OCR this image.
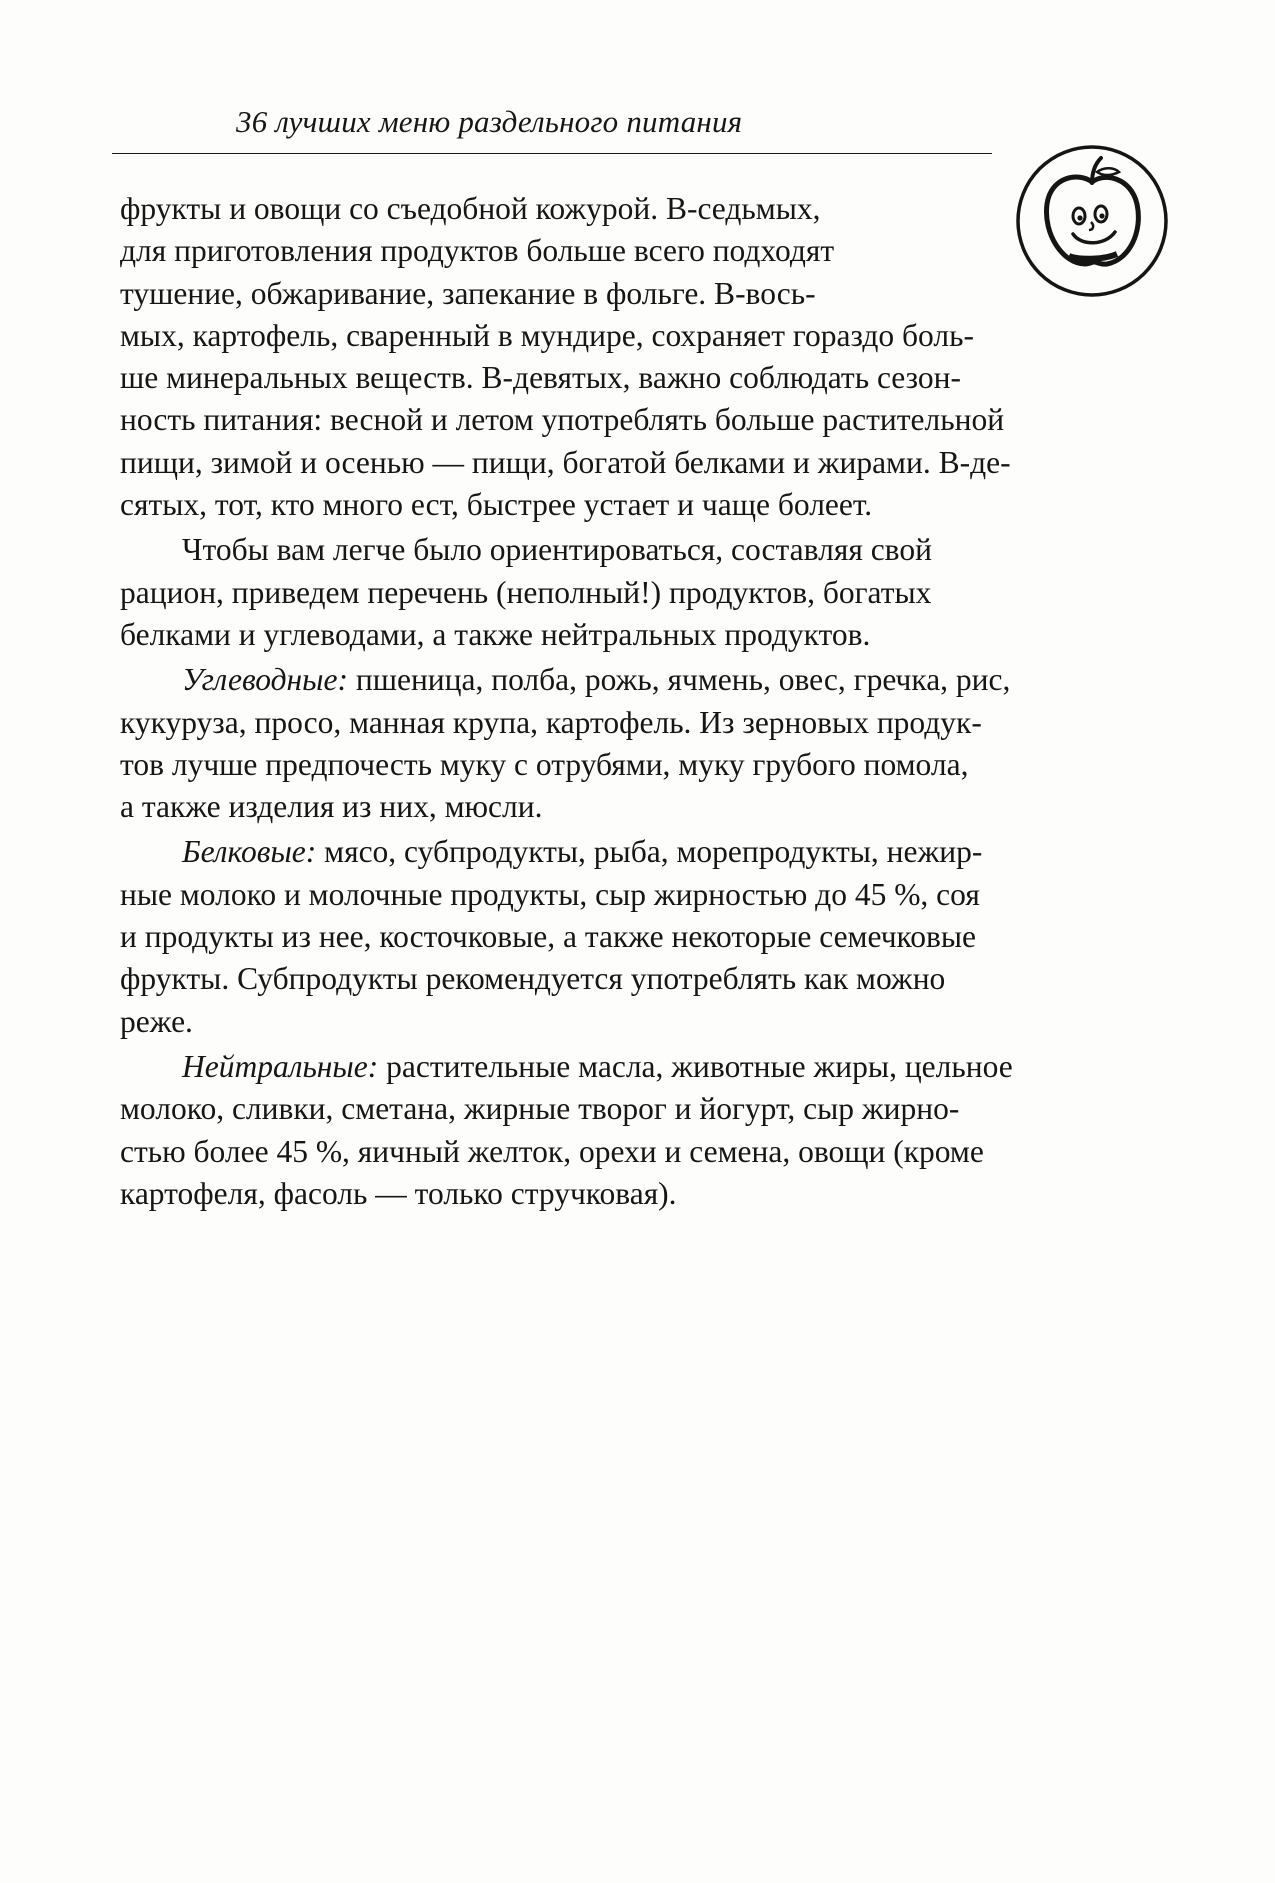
36 лучших меню раздельного питания
фрукты и овощи со съедобной кожурой. В-седьмых,
для приготовления продуктов больше всего подходят
тушение, обжаривание, запекание в фольге. В-вось-
мых, картофель, сваренный в мундире, сохраняет гораздо боль-
ше минеральных веществ. В-девятых, важно соблюдать сезон-
ность питания: весной и летом употреблять больше растительной
пищи, зимой и осенью — пищи, богатой белками и жирами. В-де-
сятых, тот, кто много ест, быстрее устает и чаще болеет.
Чтобы вам легче было ориентироваться, составляя свой
рацион, приведем перечень (неполный!) продуктов, богатых
белками и углеводами, а также нейтральных продуктов.
Углеводные: пшеница, полба, рожь, ячмень, овес, гречка, рис,
кукуруза, просо, манная крупа, картофель. Из зерновых продук-
тов лучше предпочесть муку с отрубями, муку грубого помола,
а также изделия из них, мюсли.
Белковые: мясо, субпродукты, рыба, морепродукты, нежир-
ные молоко и молочные продукты, сыр жирностью до 45 %, соя
и продукты из нее, косточковые, а также некоторые семечковые
фрукты. Субпродукты рекомендуется употреблять как можно
реже.
Нейтральные: растительные масла, животные жиры, цельное
молоко, сливки, сметана, жирные творог и йогурт, сыр жирно-
стью более 45 %, яичный желток, орехи и семена, овощи (кроме
картофеля, фасоль — только стручковая).
